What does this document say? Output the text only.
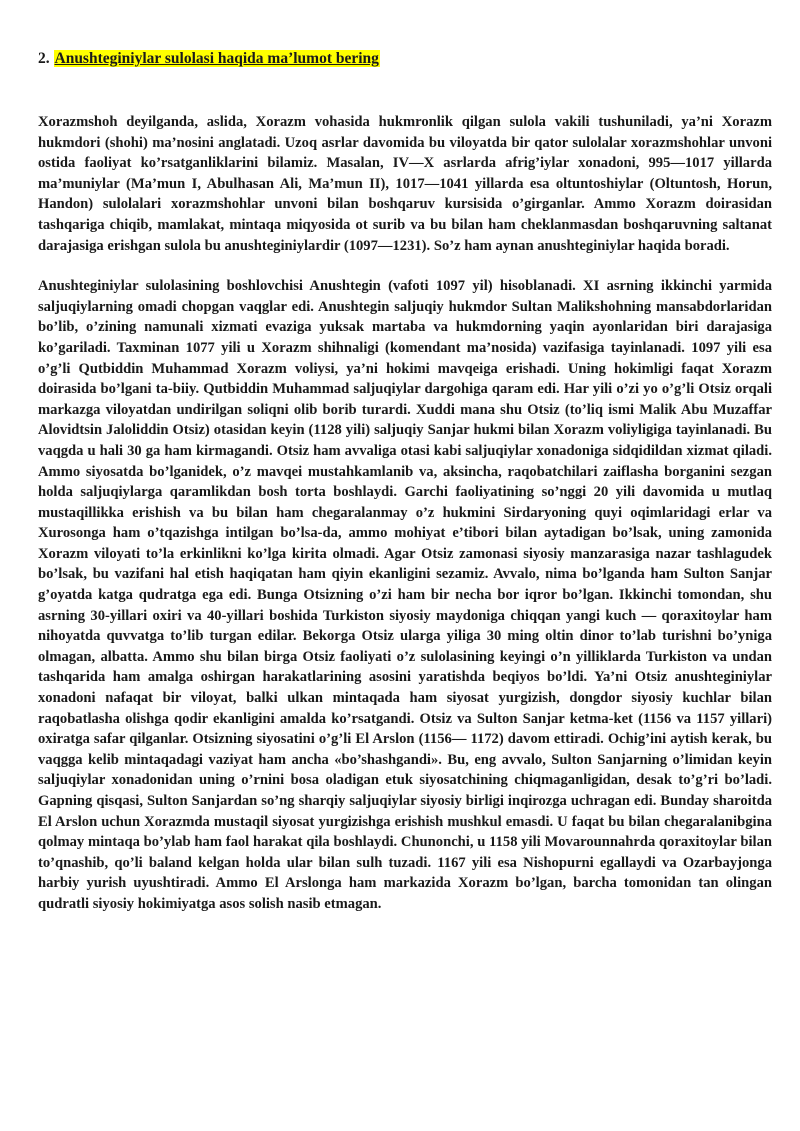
2. Anushteginiylar sulolasi haqida ma’lumot bering

Xorazmshoh deyilganda, aslida, Xorazm vohasida hukmronlik qilgan sulola vakili tushuniladi, ya’ni Xorazm hukmdori (shohi) ma’nosini anglatadi. Uzoq asrlar davomida bu viloyatda bir qator sulolalar xorazmshohlar unvoni ostida faoliyat ko’rsatganliklarini bilamiz. Masalan, IV—X asrlarda afrig’iylar xonadoni, 995—1017 yillarda ma’muniylar (Ma’mun I, Abulhasan Ali, Ma’mun II), 1017—1041 yillarda esa oltuntoshiylar (Oltuntosh, Horun, Handon) sulolalari xorazmshohlar unvoni bilan boshqaruv kursisida o’girganlar. Ammo Xorazm doirasidan tashqariga chiqib, mamlakat, mintaqa miqyosida ot surib va bu bilan ham cheklanmasdan boshqaruvning saltanat darajasiga erishgan sulola bu anushteginiylardir (1097—1231). So’z ham aynan anushteginiylar haqida boradi.

Anushteginiylar sulolasining boshlovchisi Anushtegin (vafoti 1097 yil) hisoblanadi. XI asrning ikkinchi yarmida saljuqiylarning omadi chopgan vaqglar edi. Anushtegin saljuqiy hukmdor Sultan Malikshohning mansabdorlaridan bo’lib, o’zining namunali xizmati evaziga yuksak martaba va hukmdorning yaqin ayonlaridan biri darajasiga ko’gariladi. Taxminan 1077 yili u Xorazm shihnaligi (komendant ma’nosida) vazifasiga tayinlanadi. 1097 yili esa o’g’li Qutbiddin Muhammad Xorazm voliysi, ya’ni hokimi mavqeiga erishadi. Uning hokimligi faqat Xorazm doirasida bo’lgani ta-biiy. Qutbiddin Muhammad saljuqiylar dargohiga qaram edi. Har yili o’zi yo o’g’li Otsiz orqali markazga viloyatdan undirilgan soliqni olib borib turardi. Xuddi mana shu Otsiz (to’liq ismi Malik Abu Muzaffar Alovidtsin Jaloliddin Otsiz) otasidan keyin (1128 yili) saljuqiy Sanjar hukmi bilan Xorazm voliyligiga tayinlanadi. Bu vaqgda u hali 30 ga ham kirmagandi. Otsiz ham avvaliga otasi kabi saljuqiylar xonadoniga sidqidildan xizmat qiladi. Ammo siyosatda bo’lganidek, o’z mavqei mustahkamlanib va, aksincha, raqobatchilari zaiflasha borganini sezgan holda saljuqiylarga qaramlikdan bosh torta boshlaydi. Garchi faoliyatining so’nggi 20 yili davomida u mutlaq mustaqillikka erishish va bu bilan ham chegaralanmay o’z hukmini Sirdaryoning quyi oqimlaridagi erlar va Xurosonga ham o’tqazishga intilgan bo’lsa-da, ammo mohiyat e’tibori bilan aytadigan bo’lsak, uning zamonida Xorazm viloyati to’la erkinlikni ko’lga kirita olmadi. Agar Otsiz zamonasi siyosiy manzarasiga nazar tashlagudek bo’lsak, bu vazifani hal etish haqiqatan ham qiyin ekanligini sezamiz. Avvalo, nima bo’lganda ham Sulton Sanjar g’oyatda katga qudratga ega edi. Bunga Otsizning o’zi ham bir necha bor iqror bo’lgan. Ikkinchi tomondan, shu asrning 30-yillari oxiri va 40-yillari boshida Turkiston siyosiy maydoniga chiqqan yangi kuch — qoraxitoylar ham nihoyatda quvvatga to’lib turgan edilar. Bekorga Otsiz ularga yiliga 30 ming oltin dinor to’lab turishni bo’yniga olmagan, albatta. Ammo shu bilan birga Otsiz faoliyati o’z sulolasining keyingi o’n yilliklarda Turkiston va undan tashqarida ham amalga oshirgan harakatlarining asosini yaratishda beqiyos bo’ldi. Ya’ni Otsiz anushteginiylar xonadoni nafaqat bir viloyat, balki ulkan mintaqada ham siyosat yurgizish, dongdor siyosiy kuchlar bilan raqobatlasha olishga qodir ekanligini amalda ko’rsatgandi. Otsiz va Sulton Sanjar ketma-ket (1156 va 1157 yillari) oxiratga safar qilganlar. Otsizning siyosatini o’g’li El Arslon (1156— 1172) davom ettiradi. Ochig’ini aytish kerak, bu vaqgga kelib mintaqadagi vaziyat ham ancha «bo’shashgandi». Bu, eng avvalo, Sulton Sanjarning o’limidan keyin saljuqiylar xonadonidan uning o’rnini bosa oladigan etuk siyosatchining chiqmaganligidan, desak to’g’ri bo’ladi. Gapning qisqasi, Sulton Sanjardan so’ng sharqiy saljuqiylar siyosiy birligi inqirozga uchragan edi. Bunday sharoitda El Arslon uchun Xorazmda mustaqil siyosat yurgizishga erishish mushkul emasdi. U faqat bu bilan chegaralanibgina qolmay mintaqa bo’ylab ham faol harakat qila boshlaydi. Chunonchi, u 1158 yili Movarounnahrda qoraxitoylar bilan to’qnashib, qo’li baland kelgan holda ular bilan sulh tuzadi. 1167 yili esa Nishopurni egallaydi va Ozarbayjonga harbiy yurish uyushtiradi. Ammo El Arslonga ham markazida Xorazm bo’lgan, barcha tomonidan tan olingan qudratli siyosiy hokimiyatga asos solish nasib etmagan.
